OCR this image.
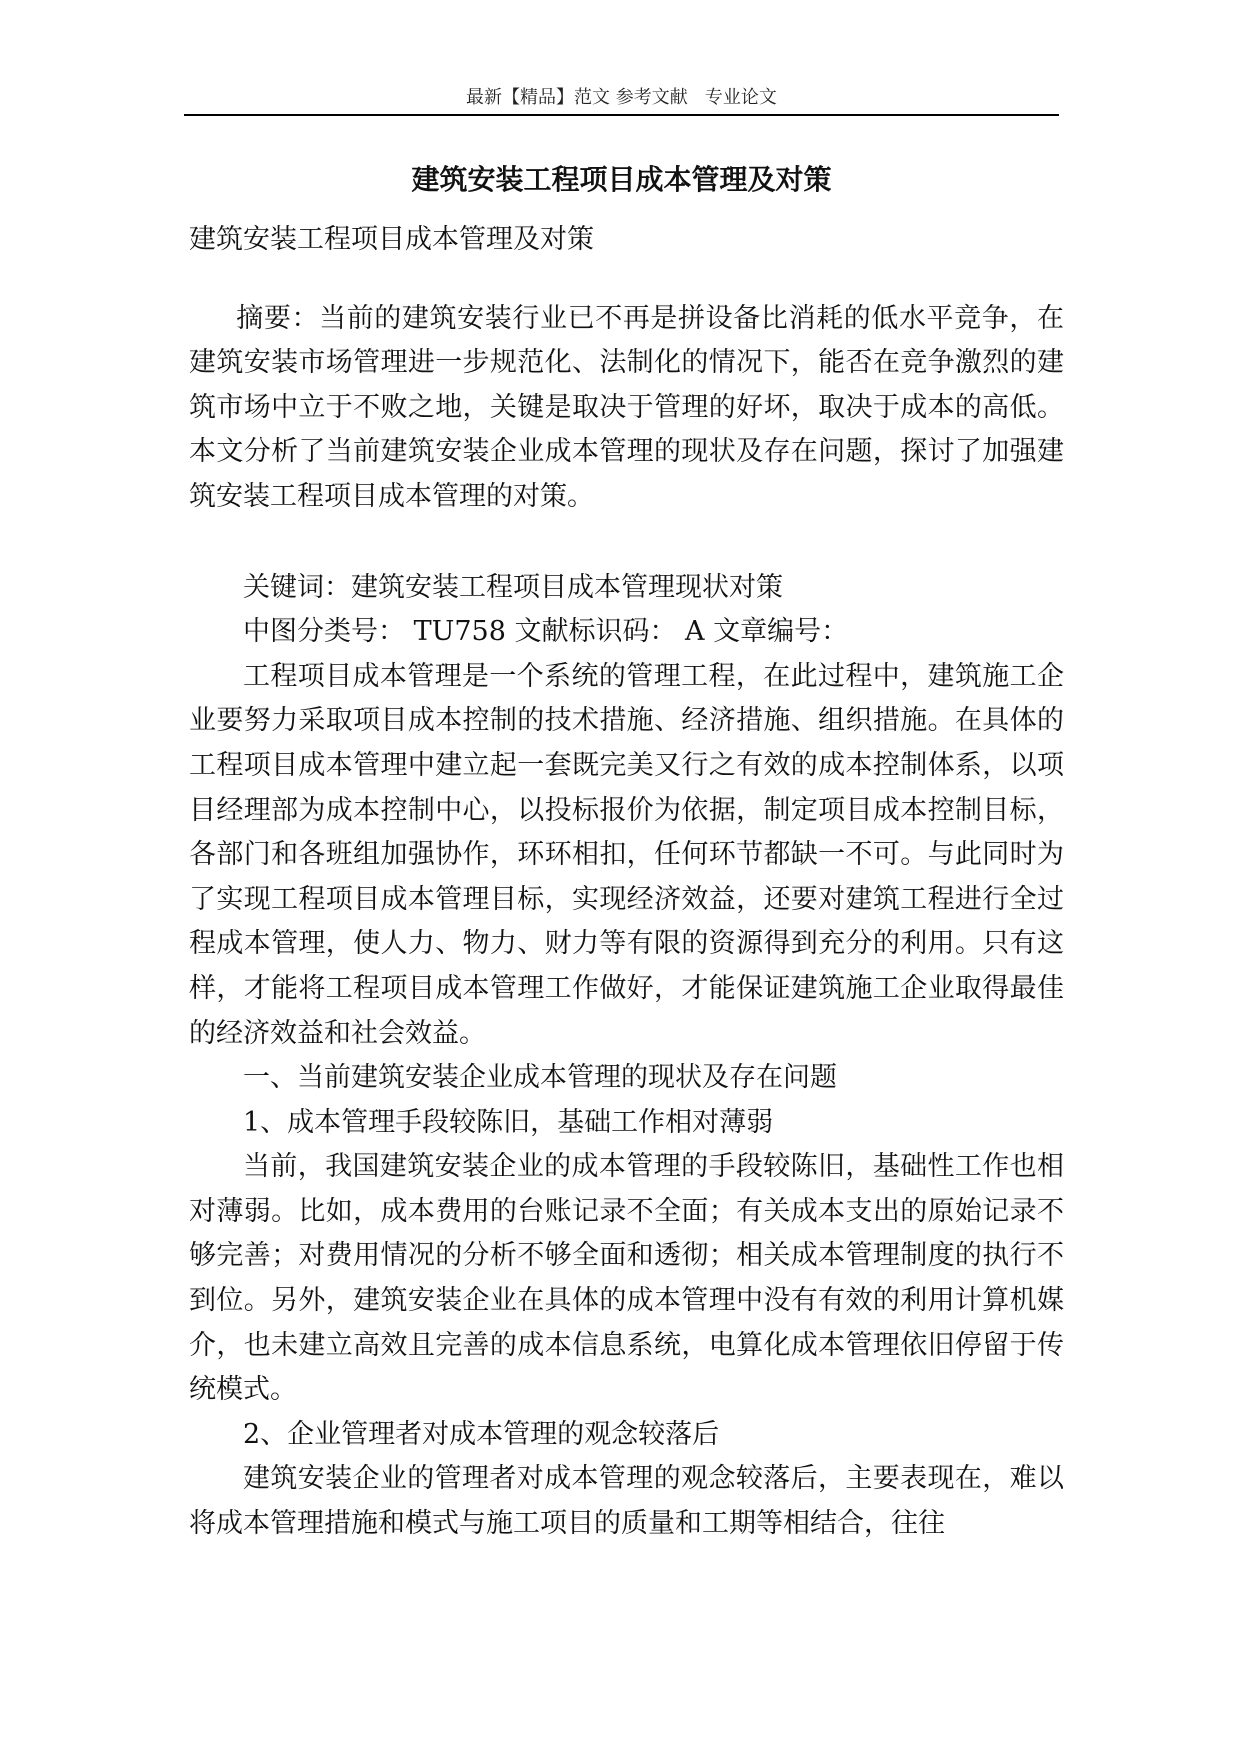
最新【精品】范文 参考文献   专业论文
建筑安装工程项目成本管理及对策

建筑安装工程项目成本管理及对策

摘要：当前的建筑安装行业已不再是拼设备比消耗的低水平竞争，在建筑安装市场管理进一步规范化、法制化的情况下，能否在竞争激烈的建筑市场中立于不败之地，关键是取决于管理的好坏，取决于成本的高低。本文分析了当前建筑安装企业成本管理的现状及存在问题，探讨了加强建筑安装工程项目成本管理的对策。

关键词：建筑安装工程项目成本管理现状对策

中图分类号： TU758 文献标识码： A 文章编号：

工程项目成本管理是一个系统的管理工程，在此过程中，建筑施工企业要努力采取项目成本控制的技术措施、经济措施、组织措施。在具体的工程项目成本管理中建立起一套既完美又行之有效的成本控制体系，以项目经理部为成本控制中心，以投标报价为依据，制定项目成本控制目标，各部门和各班组加强协作，环环相扣，任何环节都缺一不可。与此同时为了实现工程项目成本管理目标，实现经济效益，还要对建筑工程进行全过程成本管理，使人力、物力、财力等有限的资源得到充分的利用。只有这样，才能将工程项目成本管理工作做好，才能保证建筑施工企业取得最佳的经济效益和社会效益。

一、当前建筑安装企业成本管理的现状及存在问题

1、成本管理手段较陈旧，基础工作相对薄弱

当前，我国建筑安装企业的成本管理的手段较陈旧，基础性工作也相对薄弱。比如，成本费用的台账记录不全面；有关成本支出的原始记录不够完善；对费用情况的分析不够全面和透彻；相关成本管理制度的执行不到位。另外，建筑安装企业在具体的成本管理中没有有效的利用计算机媒介，也未建立高效且完善的成本信息系统，电算化成本管理依旧停留于传统模式。

2、企业管理者对成本管理的观念较落后

建筑安装企业的管理者对成本管理的观念较落后，主要表现在，难以将成本管理措施和模式与施工项目的质量和工期等相结合，往往
